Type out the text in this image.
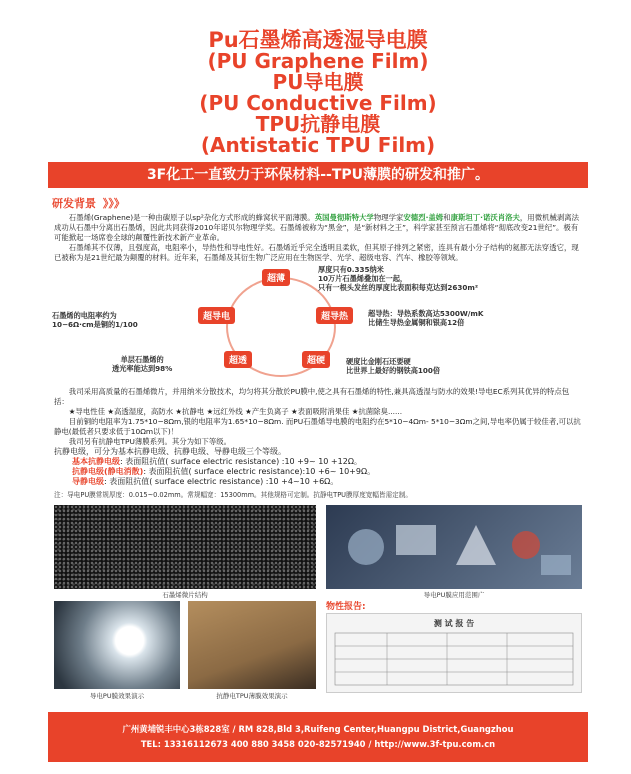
Pu石墨烯高透湿导电膜
(PU Graphene Film)
PU导电膜
(PU Conductive Film)
TPU抗静电膜
(Antistatic TPU Film)
3F化工一直致力于环保材料--TPU薄膜的研发和推广。
研发背景 》》》

石墨烯(Graphene)是一种由碳原子以sp²杂化方式形成的蜂窝状平面薄膜。英国曼彻斯特大学物理学家安德烈·盖姆和康斯坦丁·诺沃肖洛夫，用微机械剥离法成功从石墨中分离出石墨烯，因此共同获得2010年诺贝尔物理学奖。石墨烯被称为“黑金”，是“新材料之王”，科学家甚至预言石墨烯将“彻底改变21世纪”。极有可能掀起一场席卷全球的颠覆性新技术新产业革命。

石墨烯其不仅薄，且强度高，电阻率小，导热性和导电性好。石墨烯近乎完全透明且柔软，但其原子排列之紧密，连具有最小分子结构的氦都无法穿透它，现已被称为是21世纪最为颠覆的材料。近年来，石墨烯及其衍生物广泛应用在生物医学、光学、超级电容、汽车、橡胶等领域。

超薄
超导电	超导热
超透	超硬
厚度只有0.335纳米
10万片石墨烯叠加在一起，
只有一根头发丝的厚度比表面积每克达到2630m²
石墨烯的电阻率约为
10−6Ω·cm是铜的1/100
超导热：导热系数高达5300W/mK
比储生导热金属铜和银高12倍
单层石墨烯的
透光率能达到98%
硬度比金刚石还要硬
比世界上最好的钢铁高100倍

我司采用高质量的石墨烯微片，并用纳米分散技术，均匀将其分散於PU膜中,使之具有石墨烯的特性,兼具高透湿与防水的效果!导电EC系列其优异的特点包括：

★导电性佳 ★高透湿度，高防水 ★抗静电 ★远红外线 ★产生负离子 ★表面吸附消果佳 ★抗菌除臭......

目前铜的电阻率为1.75*10−8Ωm,银的电阻率为1.65*10−8Ωm. 而PU石墨烯导电膜的电阻约在5*10−4Ωm- 5*10−3Ωm之间,导电率仍属于较佳者,可以抗静电(最低者只要求低于10Ωm以下)！

我司另有抗静电TPU薄膜系列。其分为如下等级。

抗静电级，可分为基本抗静电级、抗静电级、导静电级三个等级。

基本抗静电级: 表面阻抗值( surface electric resistance) :10 +9~ 10 +12Ω。
抗静电级(静电消散): 表面阻抗值( surface electric resistance):10 +6~ 10+9Ω。
导静电级: 表面阻抗值( surface electric resistance) :10 +4~10 +6Ω。
注：导电PU膜常规厚度：0.015~0.02mm。常规幅宽：15300mm。其他规格可定制。抗静电TPU膜厚度宽幅皆需定制。
石墨烯微片结构	导电PU膜应用范围广
导电PU膜效果演示	抗静电TPU薄膜效果演示
物性报告:
测 试 报 告
广州黄埔锐丰中心3栋828室 / RM 828,Bld 3,Ruifeng Center,Huangpu District,Guangzhou
TEL: 13316112673 400 880 3458 020-82571940 / http://www.3f-tpu.com.cn
